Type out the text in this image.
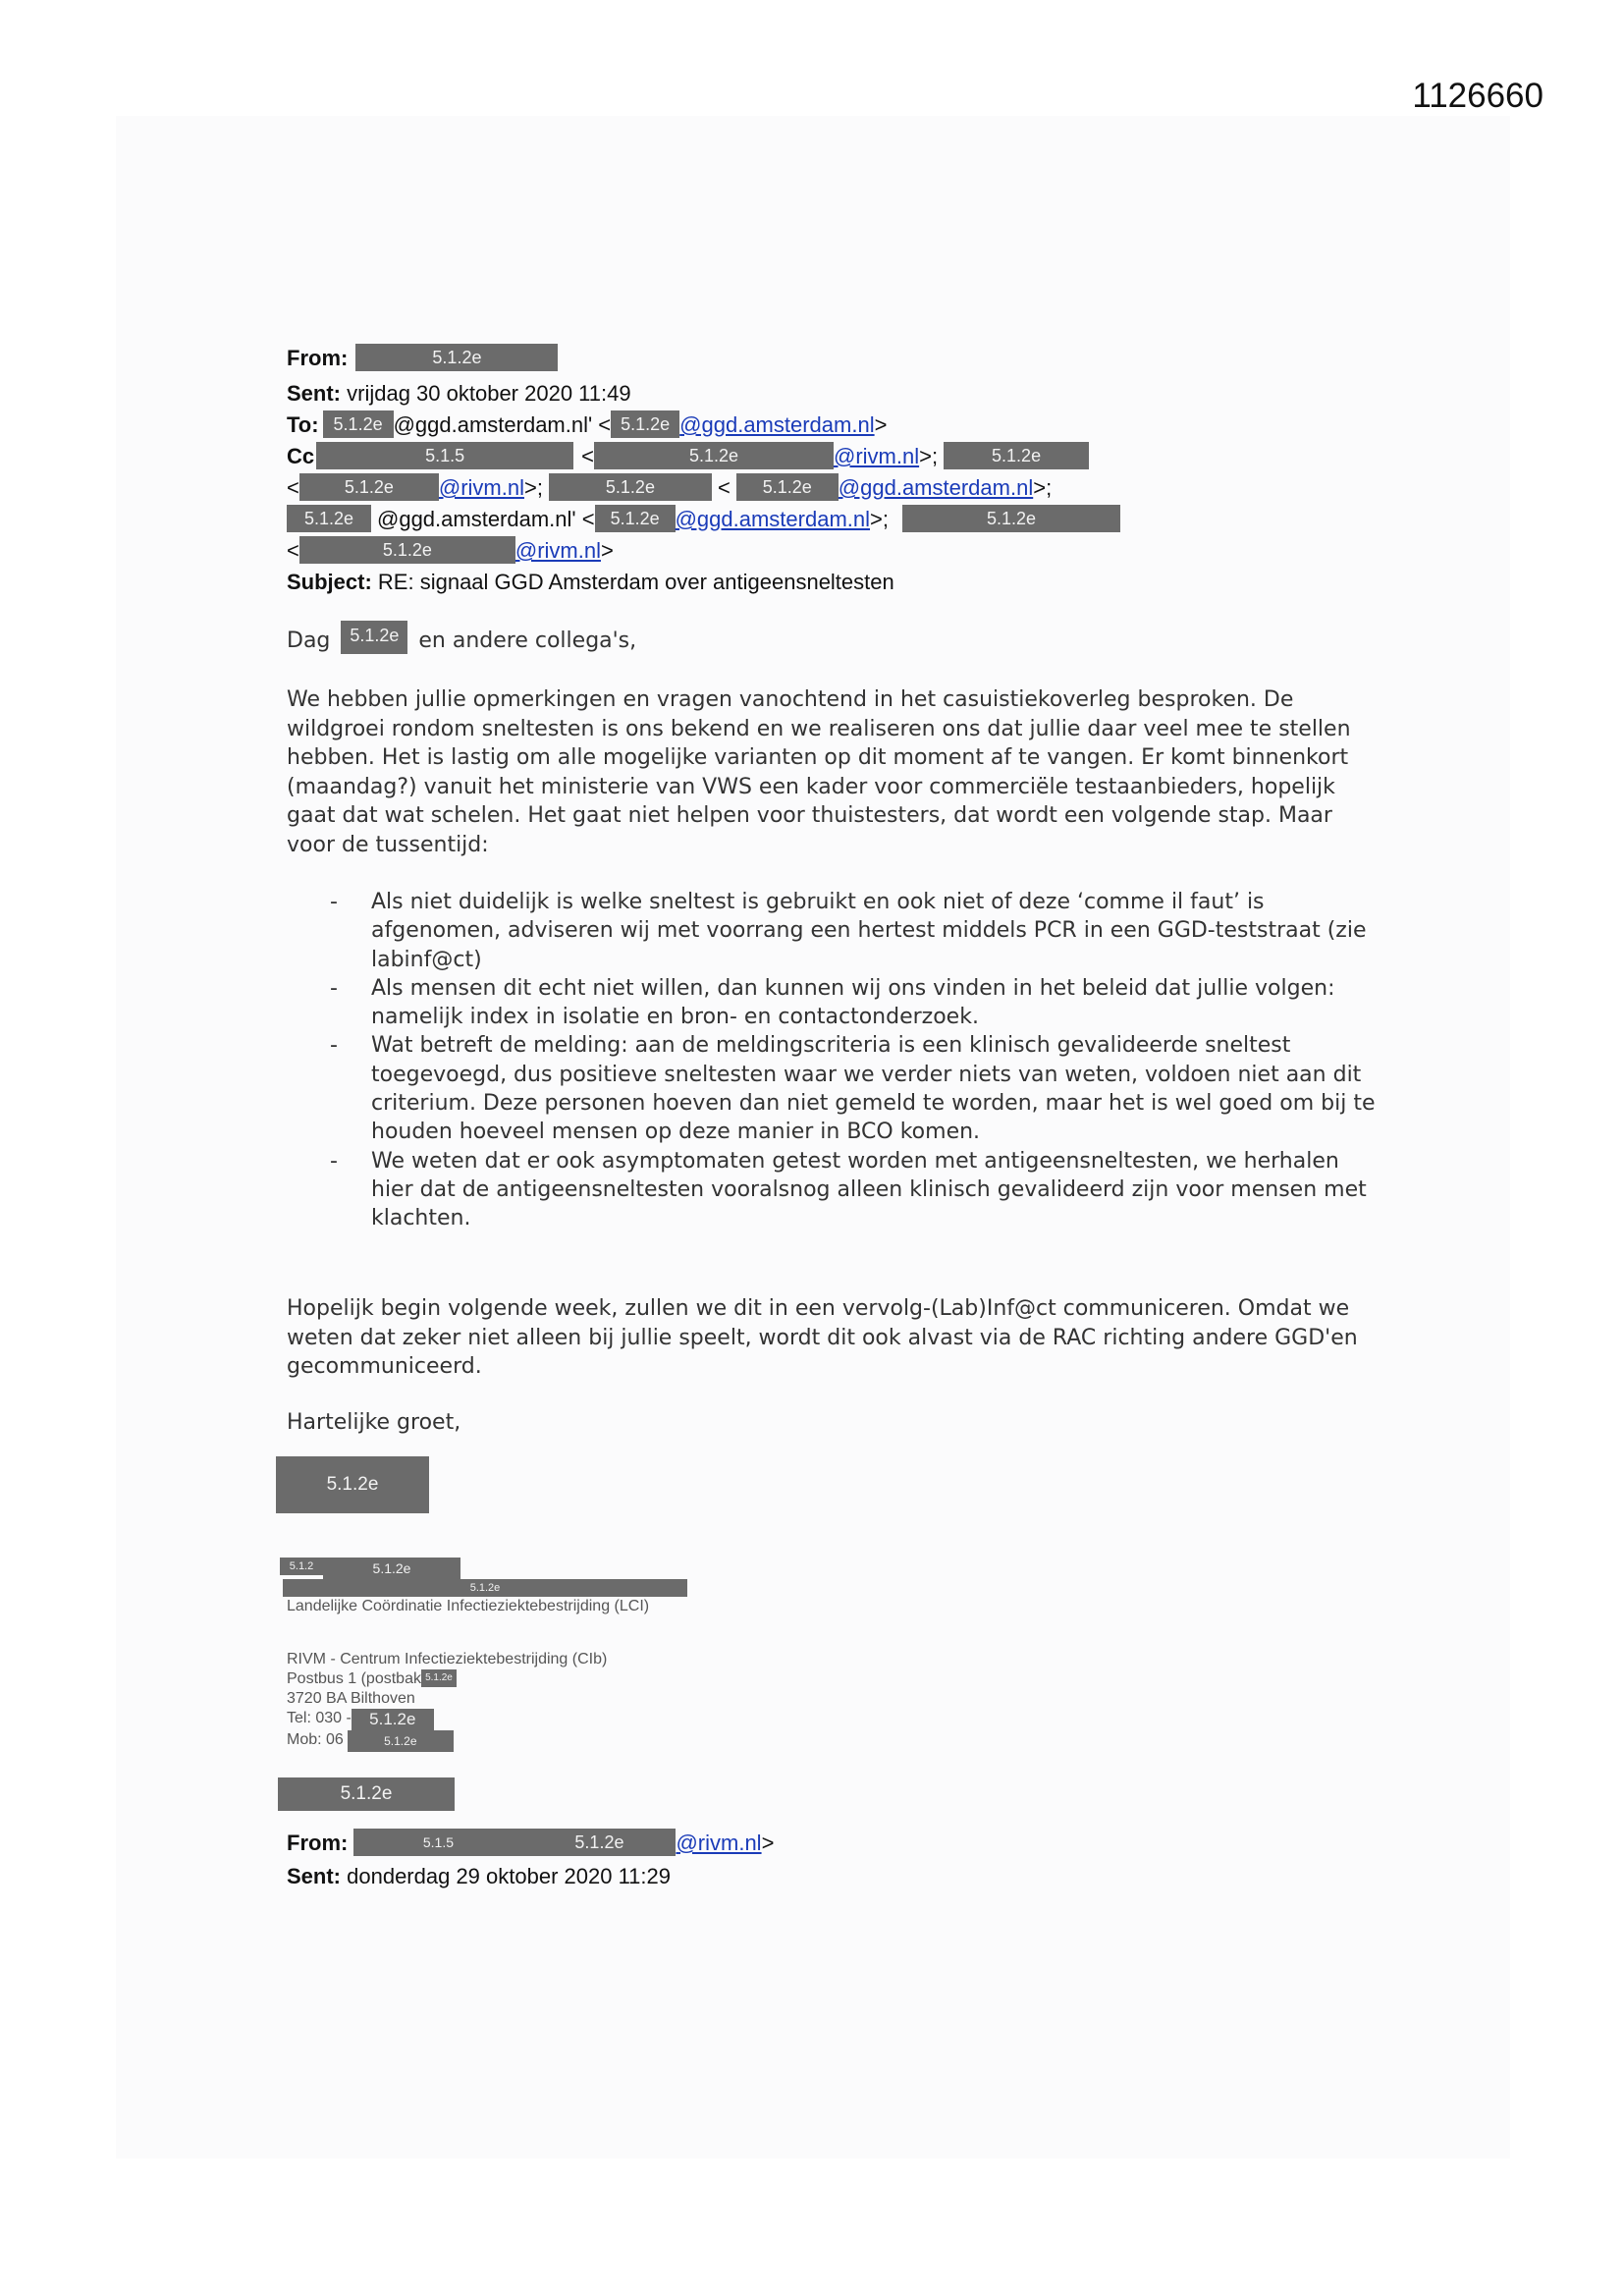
1126660
From:	5.1.2e
Sent: vrijdag 30 oktober 2020 11:49
To: 5.1.2e @ggd.amsterdam.nl' < 5.1.2e @ggd.amsterdam.nl>
Cc	5.1.5	<	5.1.2e	@rivm.nl>;	5.1.2e
<	5.1.2e @rivm.nl>;	5.1.2e	< 5.1.2e @ggd.amsterdam.nl>;
5.1.2e @ggd.amsterdam.nl' < 5.1.2e @ggd.amsterdam.nl>;	5.1.2e
<	5.1.2e	@rivm.nl>
Subject: RE: signaal GGD Amsterdam over antigeensneltesten
Dag 5.1.2e en andere collega's,

We hebben jullie opmerkingen en vragen vanochtend in het casuistiekoverleg besproken. De wildgroei rondom sneltesten is ons bekend en we realiseren ons dat jullie daar veel mee te stellen hebben. Het is lastig om alle mogelijke varianten op dit moment af te vangen. Er komt binnenkort (maandag?) vanuit het ministerie van VWS een kader voor commerciële testaanbieders, hopelijk gaat dat wat schelen. Het gaat niet helpen voor thuistesters, dat wordt een volgende stap. Maar voor de tussentijd:

- Als niet duidelijk is welke sneltest is gebruikt en ook niet of deze ‘comme il faut’ is afgenomen, adviseren wij met voorrang een hertest middels PCR in een GGD-teststraat (zie labinf@ct)
- Als mensen dit echt niet willen, dan kunnen wij ons vinden in het beleid dat jullie volgen: namelijk index in isolatie en bron- en contactonderzoek.
- Wat betreft de melding: aan de meldingscriteria is een klinisch gevalideerde sneltest toegevoegd, dus positieve sneltesten waar we verder niets van weten, voldoen niet aan dit criterium. Deze personen hoeven dan niet gemeld te worden, maar het is wel goed om bij te houden hoeveel mensen op deze manier in BCO komen.
- We weten dat er ook asymptomaten getest worden met antigeensneltesten, we herhalen hier dat de antigeensneltesten vooralsnog alleen klinisch gevalideerd zijn voor mensen met klachten.

Hopelijk begin volgende week, zullen we dit in een vervolg-(Lab)Inf@ct communiceren. Omdat we weten dat zeker niet alleen bij jullie speelt, wordt dit ook alvast via de RAC richting andere GGD'en gecommuniceerd.

Hartelijke groet,

5.1.2e
5.1.2	5.1.2e
5.1.2e
Landelijke Coördinatie Infectieziektebestrijding (LCI)
RIVM - Centrum Infectieziektebestrijding (CIb)
Postbus 1 (postbak 5.1.2e
3720 BA Bilthoven
Tel: 030 - 5.1.2e
Mob: 06	5.1.2e
5.1.2e
From:	5.1.5	5.1.2e @rivm.nl>
Sent: donderdag 29 oktober 2020 11:29
